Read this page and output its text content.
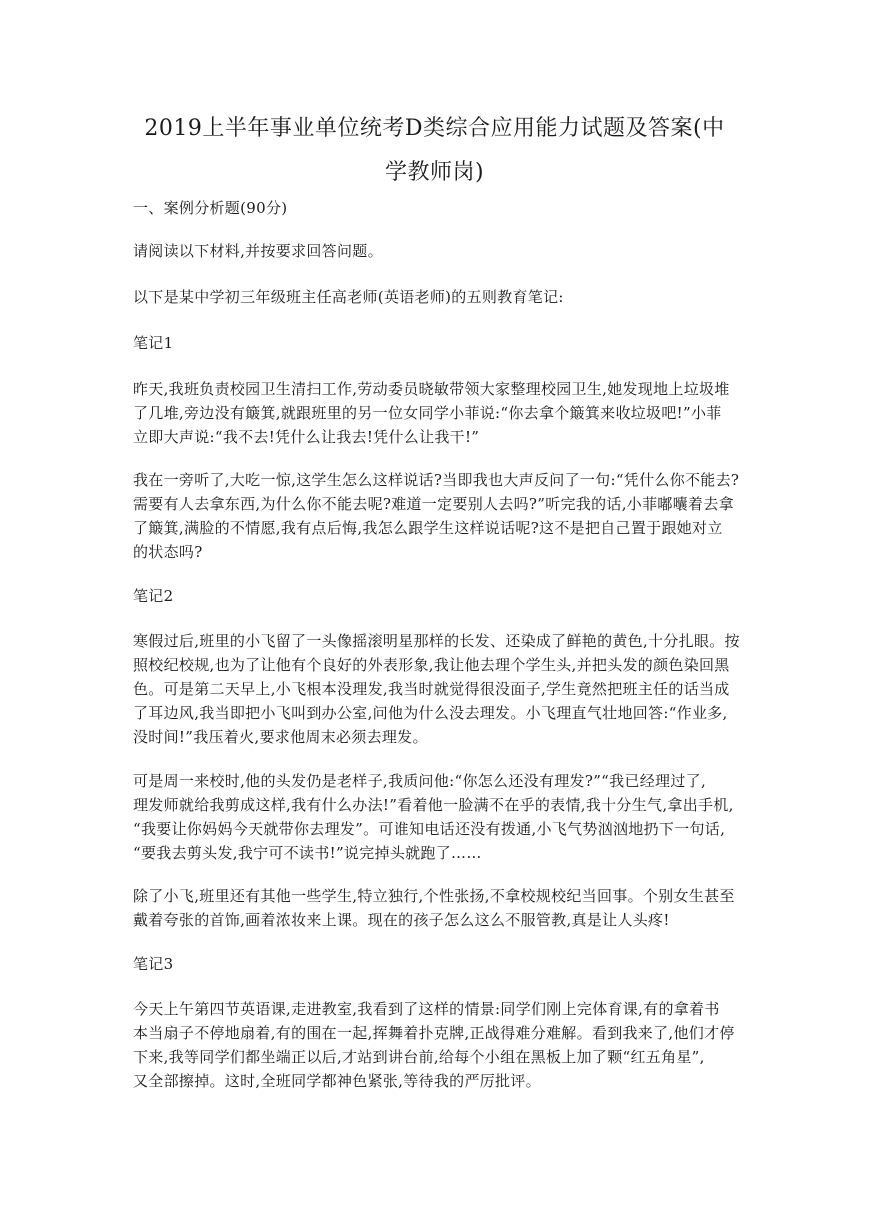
2019上半年事业单位统考D类综合应用能力试题及答案(中
学教师岗)
一、案例分析题(90分)
请阅读以下材料,并按要求回答问题。
以下是某中学初三年级班主任高老师(英语老师)的五则教育笔记:
笔记1
昨天,我班负责校园卫生清扫工作,劳动委员晓敏带领大家整理校园卫生,她发现地上垃圾堆
了几堆,旁边没有簸箕,就跟班里的另一位女同学小菲说:“你去拿个簸箕来收垃圾吧!”小菲
立即大声说:“我不去!凭什么让我去!凭什么让我干!”
我在一旁听了,大吃一惊,这学生怎么这样说话?当即我也大声反问了一句:“凭什么你不能去?
需要有人去拿东西,为什么你不能去呢?难道一定要别人去吗?”听完我的话,小菲嘟囔着去拿
了簸箕,满脸的不情愿,我有点后悔,我怎么跟学生这样说话呢?这不是把自己置于跟她对立
的状态吗?
笔记2
寒假过后,班里的小飞留了一头像摇滚明星那样的长发、还染成了鲜艳的黄色,十分扎眼。按
照校纪校规,也为了让他有个良好的外表形象,我让他去理个学生头,并把头发的颜色染回黑
色。可是第二天早上,小飞根本没理发,我当时就觉得很没面子,学生竟然把班主任的话当成
了耳边风,我当即把小飞叫到办公室,问他为什么没去理发。小飞理直气壮地回答:“作业多,
没时间!”我压着火,要求他周末必须去理发。
可是周一来校时,他的头发仍是老样子,我质问他:“你怎么还没有理发?”“我已经理过了,
理发师就给我剪成这样,我有什么办法!”看着他一脸满不在乎的表情,我十分生气,拿出手机,
“我要让你妈妈今天就带你去理发”。可谁知电话还没有拨通,小飞气势汹汹地扔下一句话,
“要我去剪头发,我宁可不读书!”说完掉头就跑了……
除了小飞,班里还有其他一些学生,特立独行,个性张扬,不拿校规校纪当回事。个别女生甚至
戴着夸张的首饰,画着浓妆来上课。现在的孩子怎么这么不服管教,真是让人头疼!
笔记3
今天上午第四节英语课,走进教室,我看到了这样的情景:同学们刚上完体育课,有的拿着书
本当扇子不停地扇着,有的围在一起,挥舞着扑克牌,正战得难分难解。看到我来了,他们才停
下来,我等同学们都坐端正以后,才站到讲台前,给每个小组在黑板上加了颗“红五角星”,
又全部擦掉。这时,全班同学都神色紧张,等待我的严厉批评。
